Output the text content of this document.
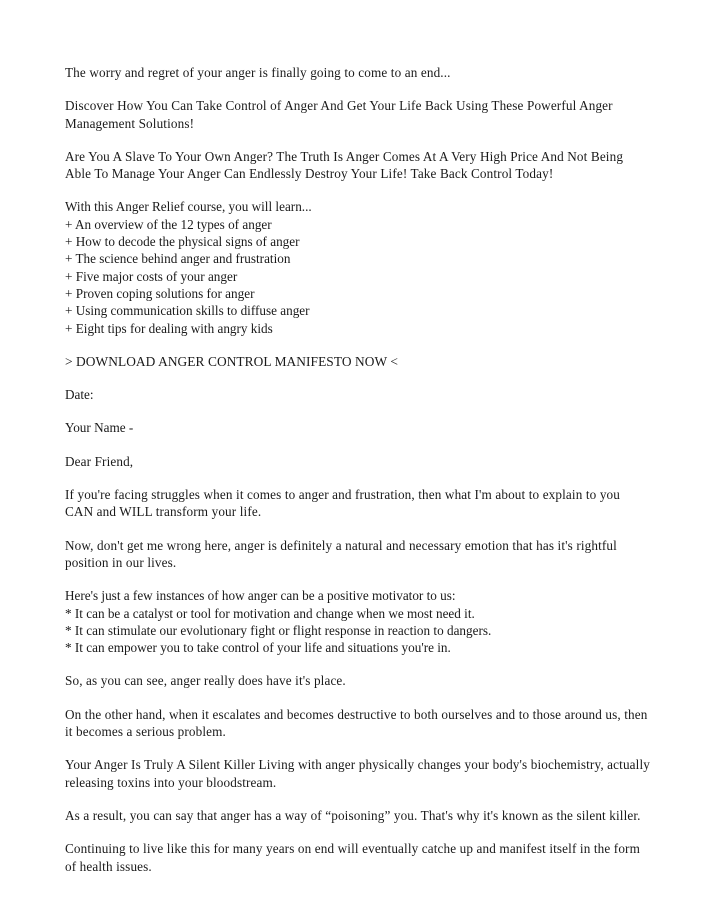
The worry and regret of your anger is finally going to come to an end...

Discover How You Can Take Control of Anger And Get Your Life Back Using These Powerful Anger Management Solutions!

Are You A Slave To Your Own Anger? The Truth Is Anger Comes At A Very High Price And Not Being Able To Manage Your Anger Can Endlessly Destroy Your Life! Take Back Control Today!

With this Anger Relief course, you will learn...

+ An overview of the 12 types of anger

+ How to decode the physical signs of anger

+ The science behind anger and frustration

+ Five major costs of your anger

+ Proven coping solutions for anger

+ Using communication skills to diffuse anger

+ Eight tips for dealing with angry kids

> DOWNLOAD ANGER CONTROL MANIFESTO NOW <

Date:

Your Name -

Dear Friend,

If you're facing struggles when it comes to anger and frustration, then what I'm about to explain to you CAN and WILL transform your life.

Now, don't get me wrong here, anger is definitely a natural and necessary emotion that has it's rightful position in our lives.

Here's just a few instances of how anger can be a positive motivator to us:

* It can be a catalyst or tool for motivation and change when we most need it.

* It can stimulate our evolutionary fight or flight response in reaction to dangers.

* It can empower you to take control of your life and situations you're in.

So, as you can see, anger really does have it's place.

On the other hand, when it escalates and becomes destructive to both ourselves and to those around us, then it becomes a serious problem.

Your Anger Is Truly A Silent Killer Living with anger physically changes your body's biochemistry, actually releasing toxins into your bloodstream.

As a result, you can say that anger has a way of “poisoning” you. That's why it's known as the silent killer.

Continuing to live like this for many years on end will eventually catche up and manifest itself in the form of health issues.
